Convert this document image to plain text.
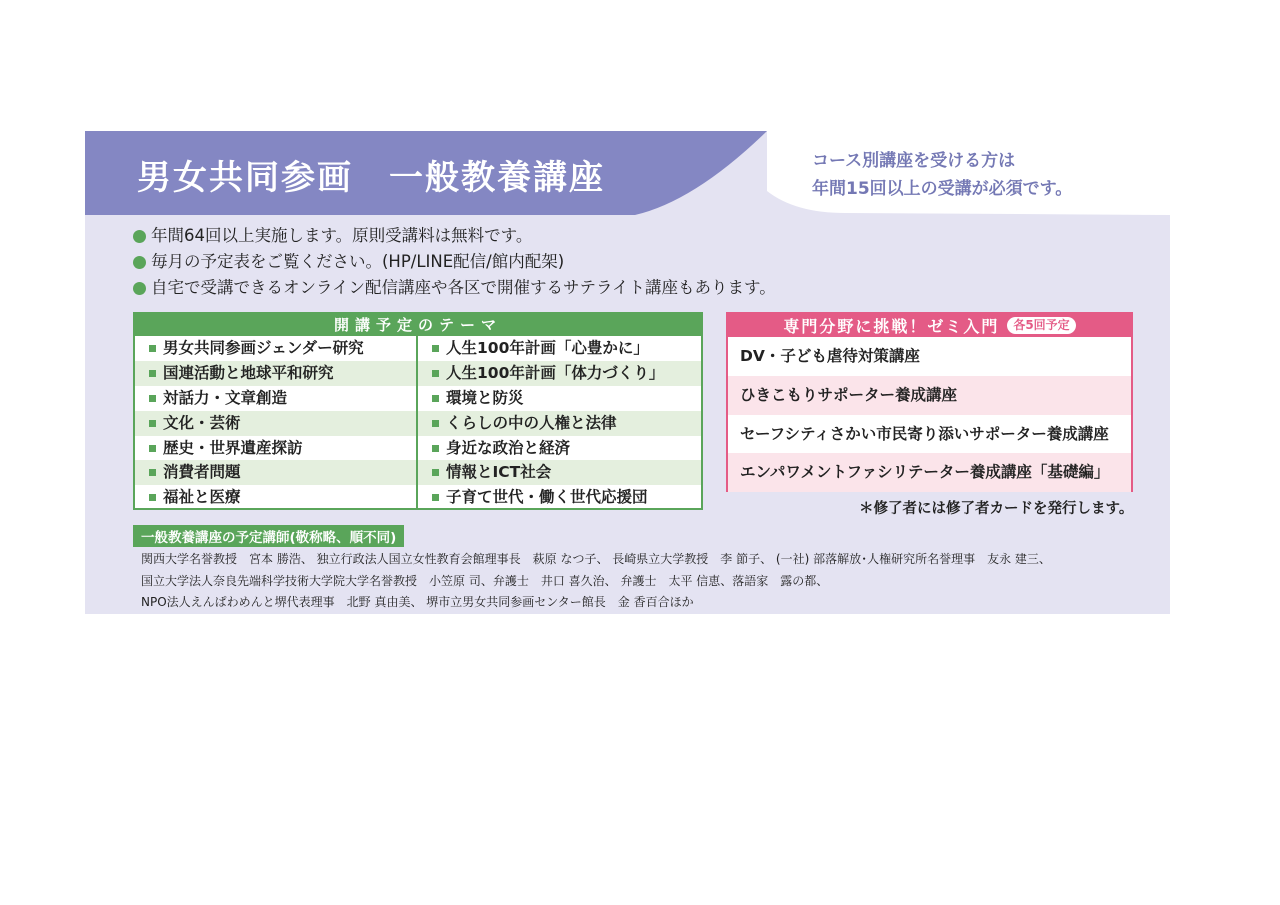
男女共同参画　一般教養講座	コース別講座を受ける方は
年間15回以上の受講が必須です。
年間64回以上実施します。原則受講料は無料です。
毎月の予定表をご覧ください。(HP/LINE配信/館内配架)
自宅で受講できるオンライン配信講座や各区で開催するサテライト講座もあります。
開講予定のテーマ
男女共同参画ジェンダー研究	人生100年計画「心豊かに」
国連活動と地球平和研究	人生100年計画「体力づくり」
対話力・文章創造	環境と防災
文化・芸術	くらしの中の人権と法律
歴史・世界遺産探訪	身近な政治と経済
消費者問題	情報とICT社会
福祉と医療	子育て世代・働く世代応援団
専門分野に挑戦！ゼミ入門	各5回予定
DV・子ども虐待対策講座
ひきこもりサポーター養成講座
セーフシティさかい市民寄り添いサポーター養成講座
エンパワメントファシリテーター養成講座「基礎編」
＊修了者には修了者カードを発行します。
一般教養講座の予定講師(敬称略、順不同)
関西大学名誉教授　宮本 勝浩、 独立行政法人国立女性教育会館理事長　萩原 なつ子、 長崎県立大学教授　李 節子、 (一社) 部落解放･人権研究所名誉理事　友永 建三、
国立大学法人奈良先端科学技術大学院大学名誉教授　小笠原 司、弁護士　井口 喜久治、 弁護士　太平 信恵、落語家　露の都、
NPO法人えんぱわめんと堺代表理事　北野 真由美、 堺市立男女共同参画センター館長　金 香百合ほか
